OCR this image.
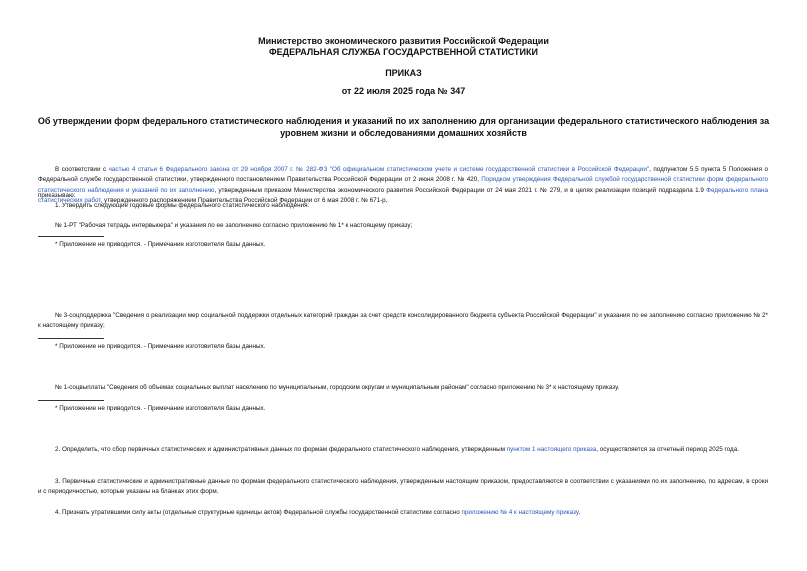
Министерство экономического развития Российской Федерации
ФЕДЕРАЛЬНАЯ СЛУЖБА ГОСУДАРСТВЕННОЙ СТАТИСТИКИ
ПРИКАЗ
от 22 июля 2025 года № 347
Об утверждении форм федерального статистического наблюдения и указаний по их заполнению для организации федерального статистического наблюдения за уровнем жизни и обследованиями домашних хозяйств
В соответствии с частью 4 статьи 6 Федерального закона от 29 ноября 2007 г. № 282-ФЗ "Об официальном статистическом учете и системе государственной статистики в Российской Федерации", подпунктом 5.5 пункта 5 Положения о Федеральной службе государственной статистики, утвержденного постановлением Правительства Российской Федерации от 2 июня 2008 г. № 420, Порядком утверждения Федеральной службой государственной статистики форм федерального статистического наблюдения и указаний по их заполнению, утвержденным приказом Министерства экономического развития Российской Федерации от 24 мая 2021 г. № 279, и в целях реализации позиций подраздела 1.9 Федерального плана статистических работ, утвержденного распоряжением Правительства Российской Федерации от 6 мая 2008 г. № 671-р,
приказываю:
1. Утвердить следующие годовые формы федерального статистического наблюдения:
№ 1-РТ "Рабочая тетрадь интервьюера" и указания по ее заполнению согласно приложению № 1* к настоящему приказу;
* Приложение не приводится. - Примечание изготовителя базы данных.
№ 3-соцподдержка "Сведения о реализации мер социальной поддержки отдельных категорий граждан за счет средств консолидированного бюджета субъекта Российской Федерации" и указания по ее заполнению согласно приложению № 2* к настоящему приказу;
* Приложение не приводится. - Примечание изготовителя базы данных.
№ 1-соцвыплаты "Сведения об объемах социальных выплат населению по муниципальным, городским округам и муниципальным районам" согласно приложению № 3* к настоящему приказу.
* Приложение не приводится. - Примечание изготовителя базы данных.
2. Определить, что сбор первичных статистических и административных данных по формам федерального статистического наблюдения, утвержденным пунктом 1 настоящего приказа, осуществляется за отчетный период 2025 года.
3. Первичные статистические и административные данные по формам федерального статистического наблюдения, утвержденным настоящим приказом, предоставляются в соответствии с указаниями по их заполнению, по адресам, в сроки и с периодичностью, которые указаны на бланках этих форм.
4. Признать утратившими силу акты (отдельные структурные единицы актов) Федеральной службы государственной статистики согласно приложению № 4 к настоящему приказу.
